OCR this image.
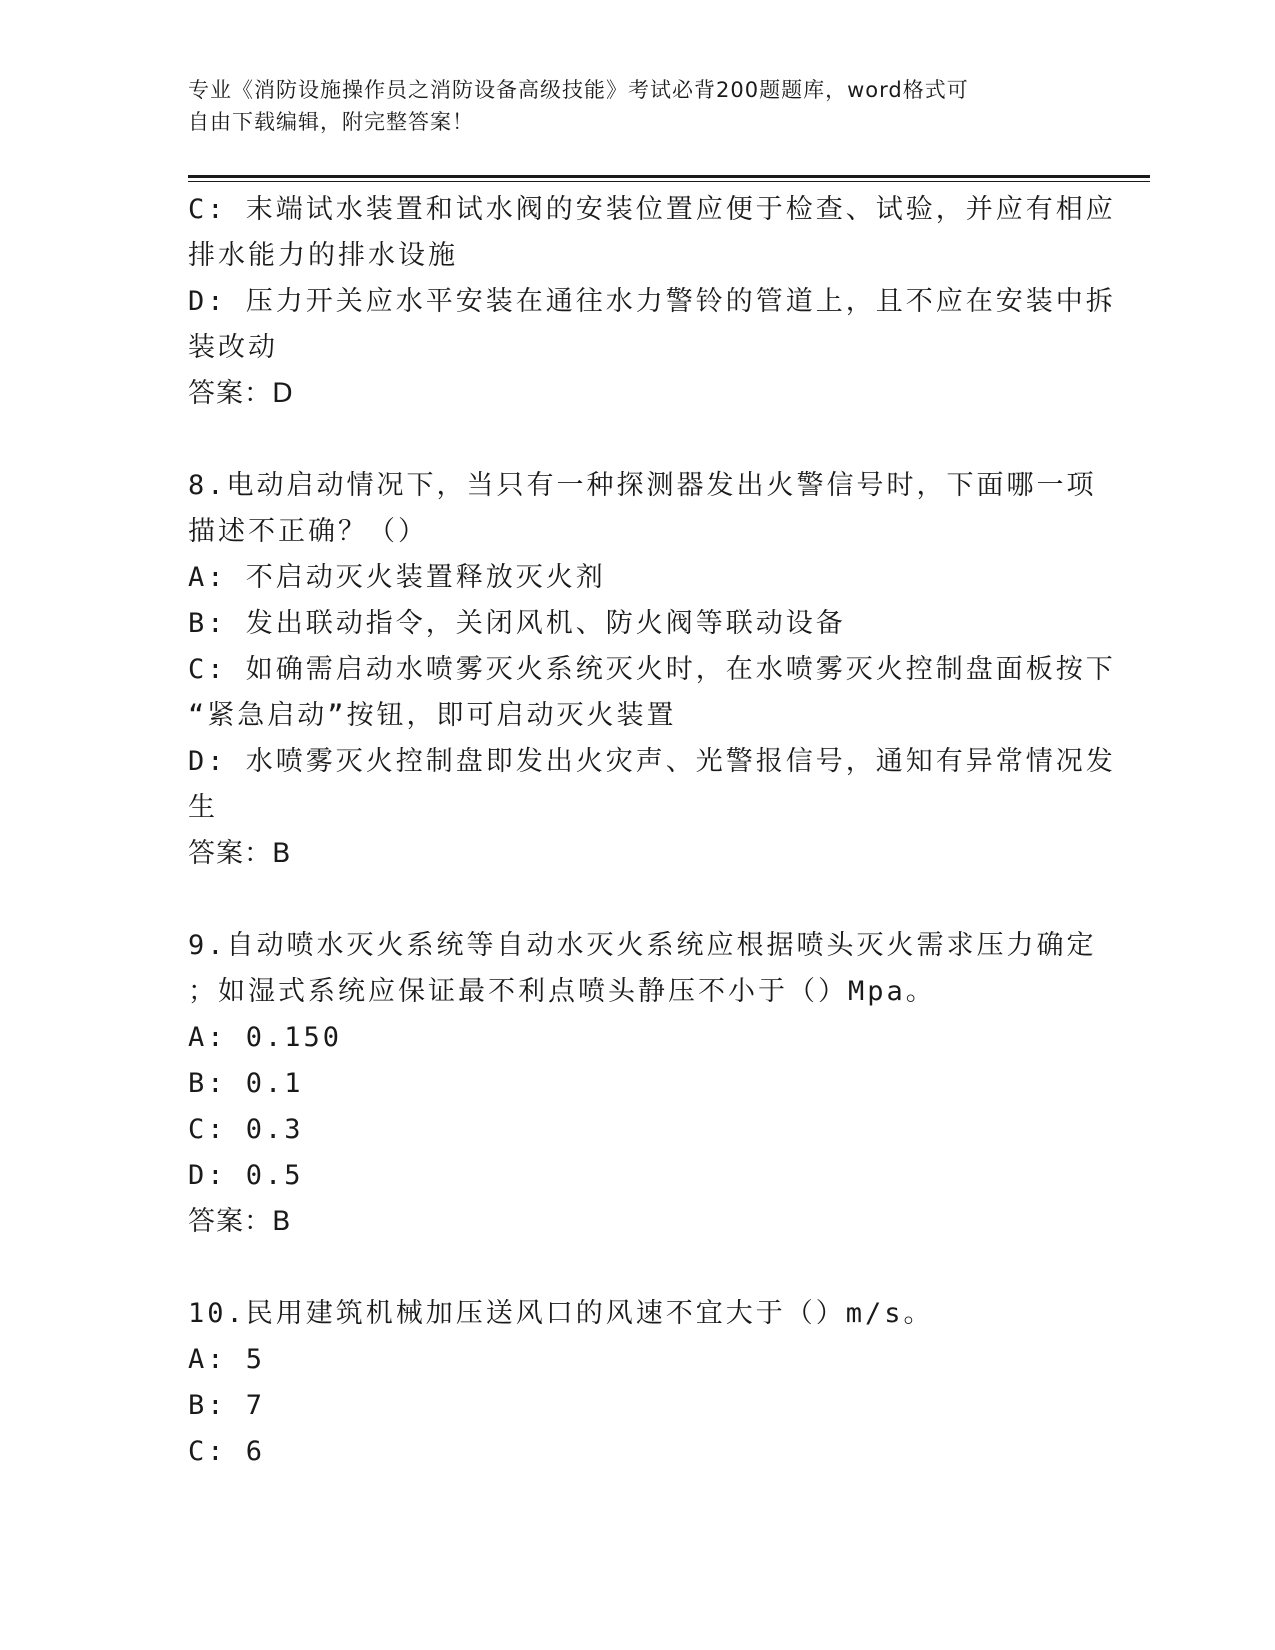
专业《消防设施操作员之消防设备高级技能》考试必背200题题库，word格式可
自由下载编辑，附完整答案！
C: 末端试水装置和试水阀的安装位置应便于检查、试验，并应有相应
排水能力的排水设施
D: 压力开关应水平安装在通往水力警铃的管道上，且不应在安装中拆
装改动
答案：D
8.电动启动情况下，当只有一种探测器发出火警信号时，下面哪一项
描述不正确？（）
A: 不启动灭火装置释放灭火剂
B: 发出联动指令，关闭风机、防火阀等联动设备
C: 如确需启动水喷雾灭火系统灭火时，在水喷雾灭火控制盘面板按下
“紧急启动”按钮，即可启动灭火装置
D: 水喷雾灭火控制盘即发出火灾声、光警报信号，通知有异常情况发
生
答案：B
9.自动喷水灭火系统等自动水灭火系统应根据喷头灭火需求压力确定
；如湿式系统应保证最不利点喷头静压不小于（）Mpa。
A: 0.150
B: 0.1
C: 0.3
D: 0.5
答案：B
10.民用建筑机械加压送风口的风速不宜大于（）m/s。
A: 5
B: 7
C: 6
